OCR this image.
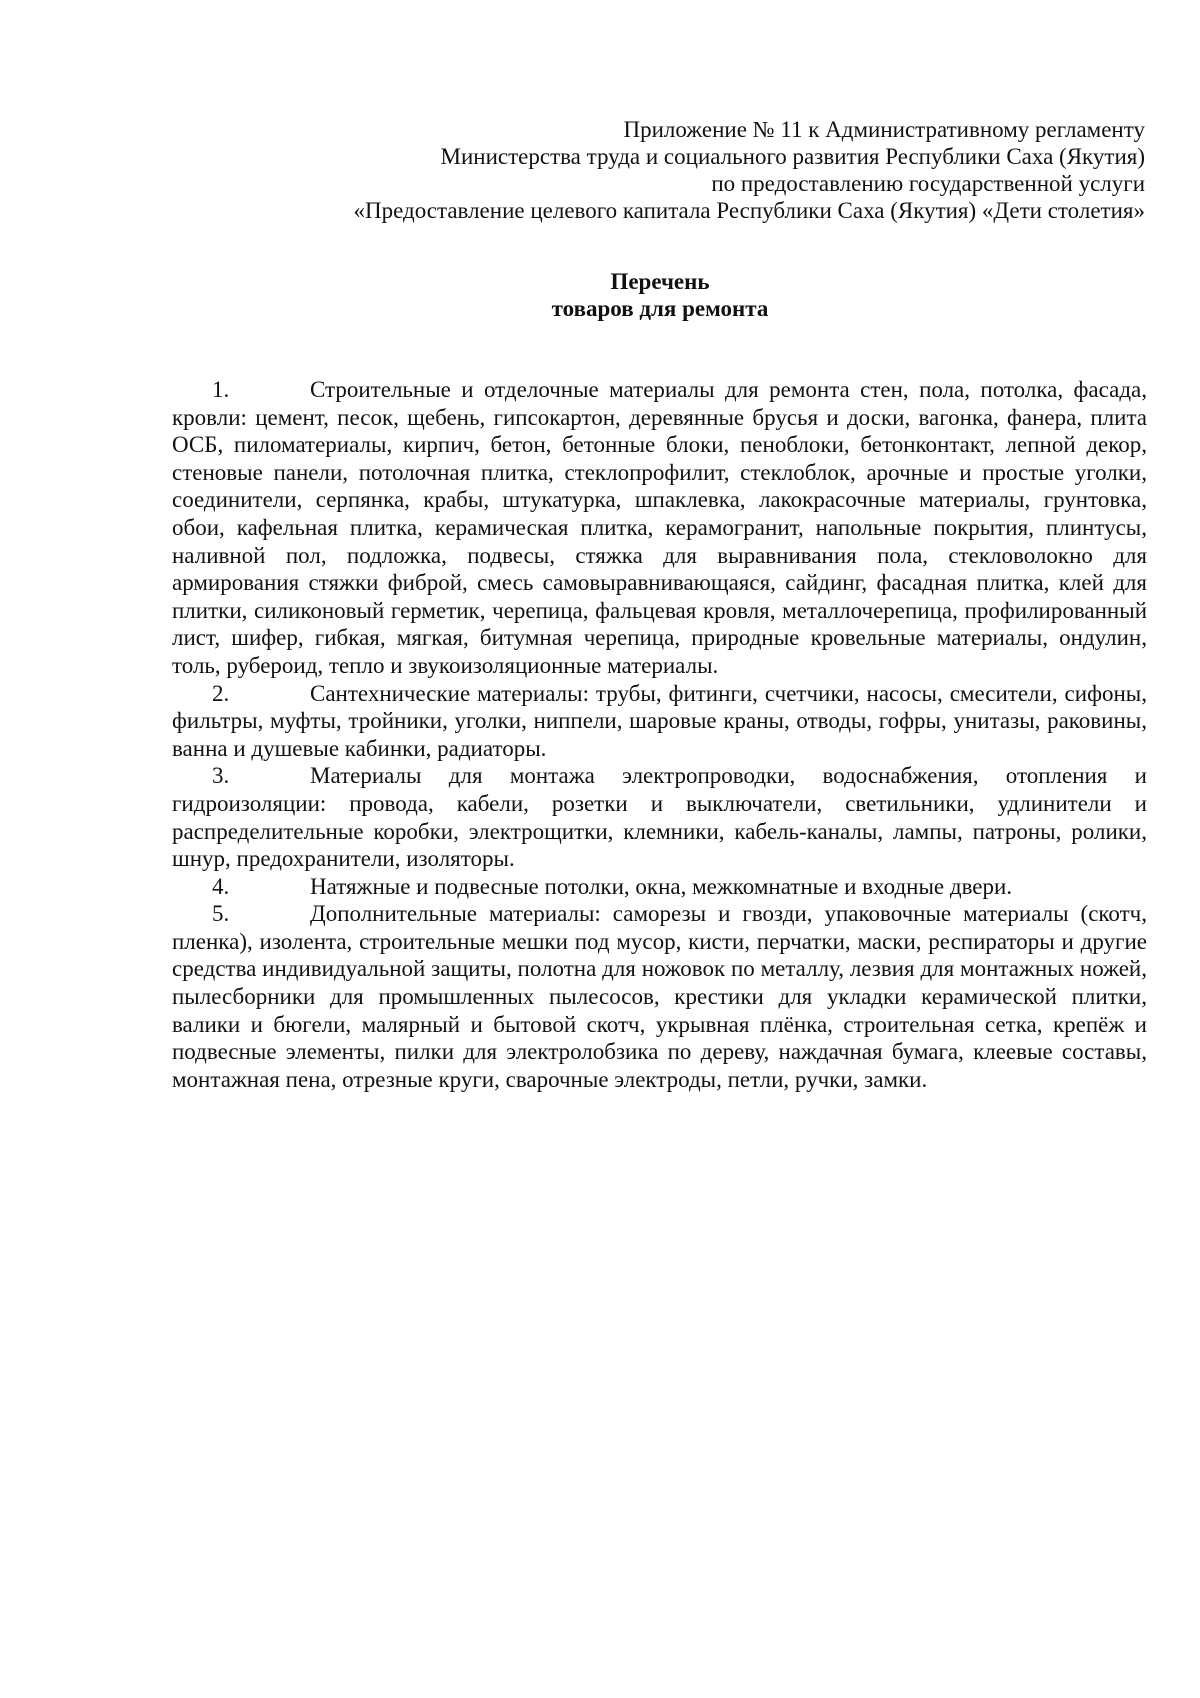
Приложение № 11 к Административному регламенту
Министерства труда и социального развития Республики Саха (Якутия)
по предоставлению государственной услуги
«Предоставление целевого капитала Республики Саха (Якутия) «Дети столетия»
Перечень
товаров для ремонта

1.	Строительные и отделочные материалы для ремонта стен, пола, потолка, фасада, кровли: цемент, песок, щебень, гипсокартон, деревянные брусья и доски, вагонка, фанера, плита ОСБ, пиломатериалы, кирпич, бетон, бетонные блоки, пеноблоки, бетонконтакт, лепной декор, стеновые панели, потолочная плитка, стеклопрофилит, стеклоблок, арочные и простые уголки, соединители, серпянка, крабы, штукатурка, шпаклевка, лакокрасочные материалы, грунтовка, обои, кафельная плитка, керамическая плитка, керамогранит, напольные покрытия, плинтусы, наливной пол, подложка, подвесы, стяжка для выравнивания пола, стекловолокно для армирования стяжки фиброй, смесь самовыравнивающаяся, сайдинг, фасадная плитка, клей для плитки, силиконовый герметик, черепица, фальцевая кровля, металлочерепица, профилированный лист, шифер, гибкая, мягкая, битумная черепица, природные кровельные материалы, ондулин, толь, рубероид, тепло и звукоизоляционные материалы.

2.	Сантехнические материалы: трубы, фитинги, счетчики, насосы, смесители, сифоны, фильтры, муфты, тройники, уголки, ниппели, шаровые краны, отводы, гофры, унитазы, раковины, ванна и душевые кабинки, радиаторы.

3.	Материалы для монтажа электропроводки, водоснабжения, отопления и гидроизоляции: провода, кабели, розетки и выключатели, светильники, удлинители и распределительные коробки, электрощитки, клемники, кабель-каналы, лампы, патроны, ролики, шнур, предохранители, изоляторы.

4.	Натяжные и подвесные потолки, окна, межкомнатные и входные двери.

5.	Дополнительные материалы: саморезы и гвозди, упаковочные материалы (скотч, пленка), изолента, строительные мешки под мусор, кисти, перчатки, маски, респираторы и другие средства индивидуальной защиты, полотна для ножовок по металлу, лезвия для монтажных ножей, пылесборники для промышленных пылесосов, крестики для укладки керамической плитки, валики и бюгели, малярный и бытовой скотч, укрывная плёнка, строительная сетка, крепёж и подвесные элементы, пилки для электролобзика по дереву, наждачная бумага, клеевые составы, монтажная пена, отрезные круги, сварочные электроды, петли, ручки, замки.
